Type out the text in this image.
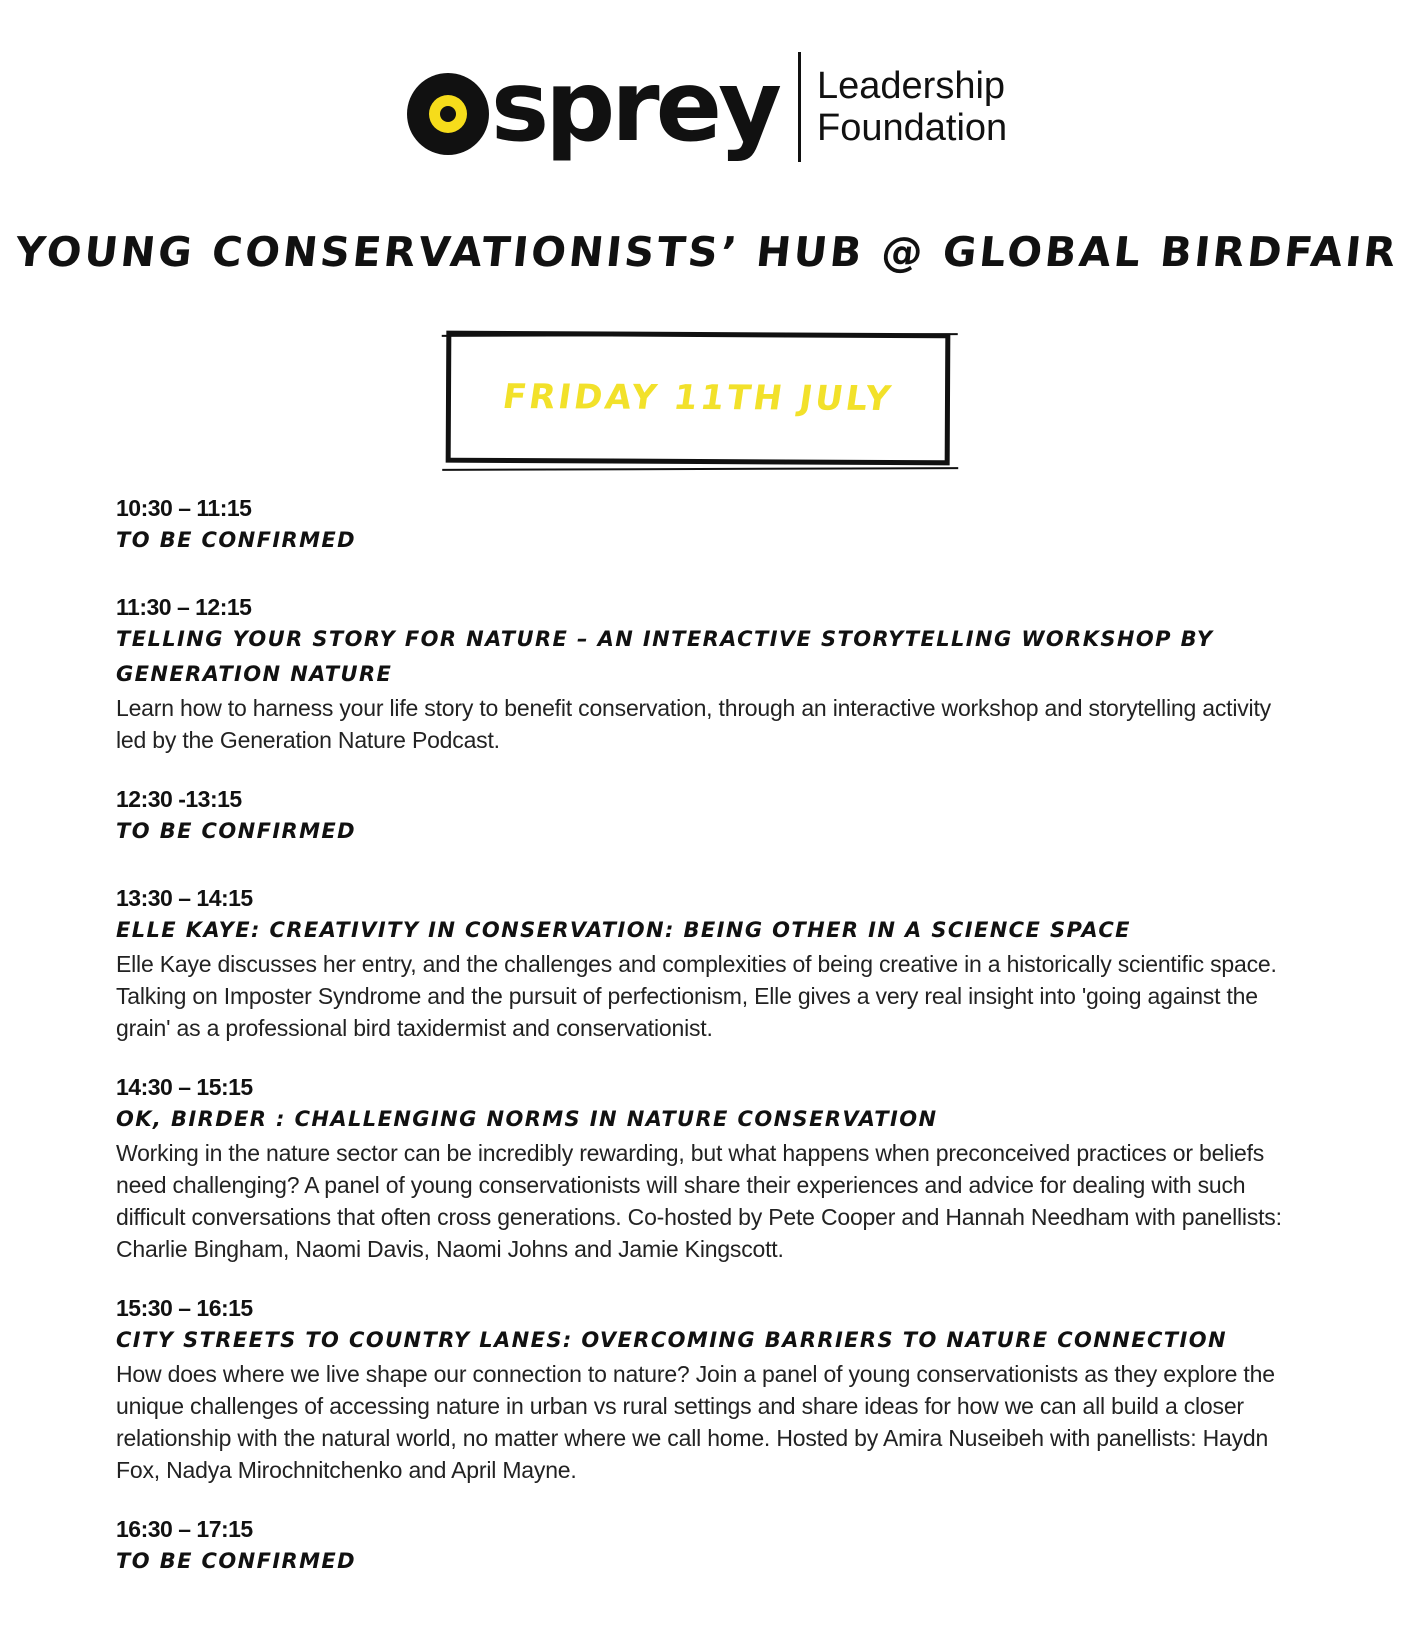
sprey Leadership
Foundation
YOUNG CONSERVATIONISTS’ HUB @ GLOBAL BIRDFAIR
FRIDAY 11TH JULY
10:30 – 11:15
TO BE CONFIRMED
11:30 – 12:15
TELLING YOUR STORY FOR NATURE – AN INTERACTIVE STORYTELLING WORKSHOP BY GENERATION NATURE
Learn how to harness your life story to benefit conservation, through an interactive workshop and storytelling activity led by the Generation Nature Podcast.
12:30 -13:15
TO BE CONFIRMED
13:30 – 14:15
ELLE KAYE: CREATIVITY IN CONSERVATION: BEING OTHER IN A SCIENCE SPACE
Elle Kaye discusses her entry, and the challenges and complexities of being creative in a historically scientific space. Talking on Imposter Syndrome and the pursuit of perfectionism, Elle gives a very real insight into 'going against the grain' as a professional bird taxidermist and conservationist.
14:30 – 15:15
OK, BIRDER : CHALLENGING NORMS IN NATURE CONSERVATION
Working in the nature sector can be incredibly rewarding, but what happens when preconceived practices or beliefs need challenging? A panel of young conservationists will share their experiences and advice for dealing with such difficult conversations that often cross generations. Co-hosted by Pete Cooper and Hannah Needham with panellists: Charlie Bingham, Naomi Davis, Naomi Johns and Jamie Kingscott.
15:30 – 16:15
CITY STREETS TO COUNTRY LANES: OVERCOMING BARRIERS TO NATURE CONNECTION
How does where we live shape our connection to nature? Join a panel of young conservationists as they explore the unique challenges of accessing nature in urban vs rural settings and share ideas for how we can all build a closer relationship with the natural world, no matter where we call home. Hosted by Amira Nuseibeh with panellists: Haydn Fox, Nadya Mirochnitchenko and April Mayne.
16:30 – 17:15
TO BE CONFIRMED
